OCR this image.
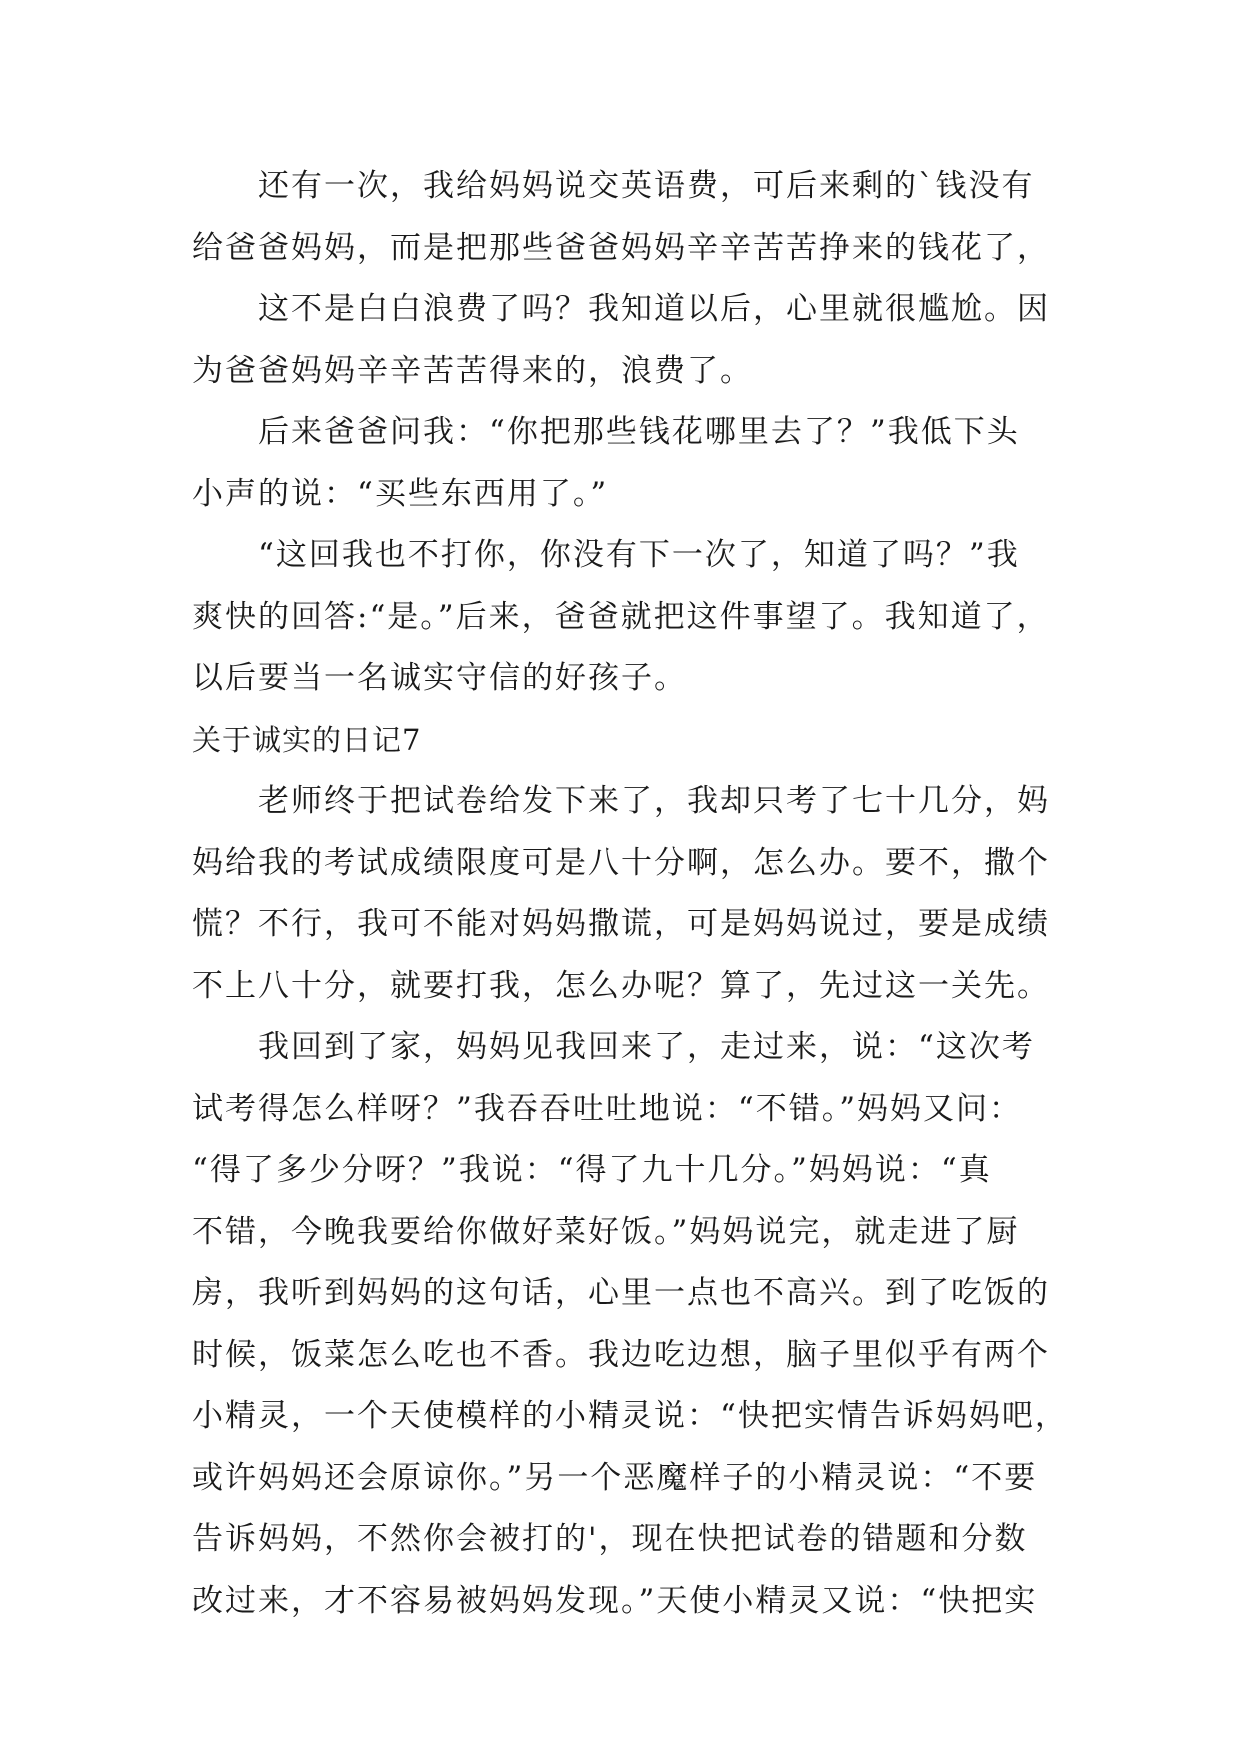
还有一次，我给妈妈说交英语费，可后来剩的`钱没有
给爸爸妈妈，而是把那些爸爸妈妈辛辛苦苦挣来的钱花了，
这不是白白浪费了吗？我知道以后，心里就很尴尬。因
为爸爸妈妈辛辛苦苦得来的，浪费了。
后来爸爸问我：“你把那些钱花哪里去了？”我低下头
小声的说：“买些东西用了。”
“这回我也不打你，你没有下一次了，知道了吗？”我
爽快的回答:“是。”后来，爸爸就把这件事望了。我知道了，
以后要当一名诚实守信的好孩子。
关于诚实的日记7
老师终于把试卷给发下来了，我却只考了七十几分，妈
妈给我的考试成绩限度可是八十分啊，怎么办。要不，撒个
慌？不行，我可不能对妈妈撒谎，可是妈妈说过，要是成绩
不上八十分，就要打我，怎么办呢？算了，先过这一关先。
我回到了家，妈妈见我回来了，走过来，说：“这次考
试考得怎么样呀？”我吞吞吐吐地说：“不错。”妈妈又问：
“得了多少分呀？”我说：“得了九十几分。”妈妈说：“真
不错，今晚我要给你做好菜好饭。”妈妈说完，就走进了厨
房，我听到妈妈的这句话，心里一点也不高兴。到了吃饭的
时候，饭菜怎么吃也不香。我边吃边想，脑子里似乎有两个
小精灵，一个天使模样的小精灵说：“快把实情告诉妈妈吧，
或许妈妈还会原谅你。”另一个恶魔样子的小精灵说：“不要
告诉妈妈，不然你会被打的'，现在快把试卷的错题和分数
改过来，才不容易被妈妈发现。”天使小精灵又说：“快把实
